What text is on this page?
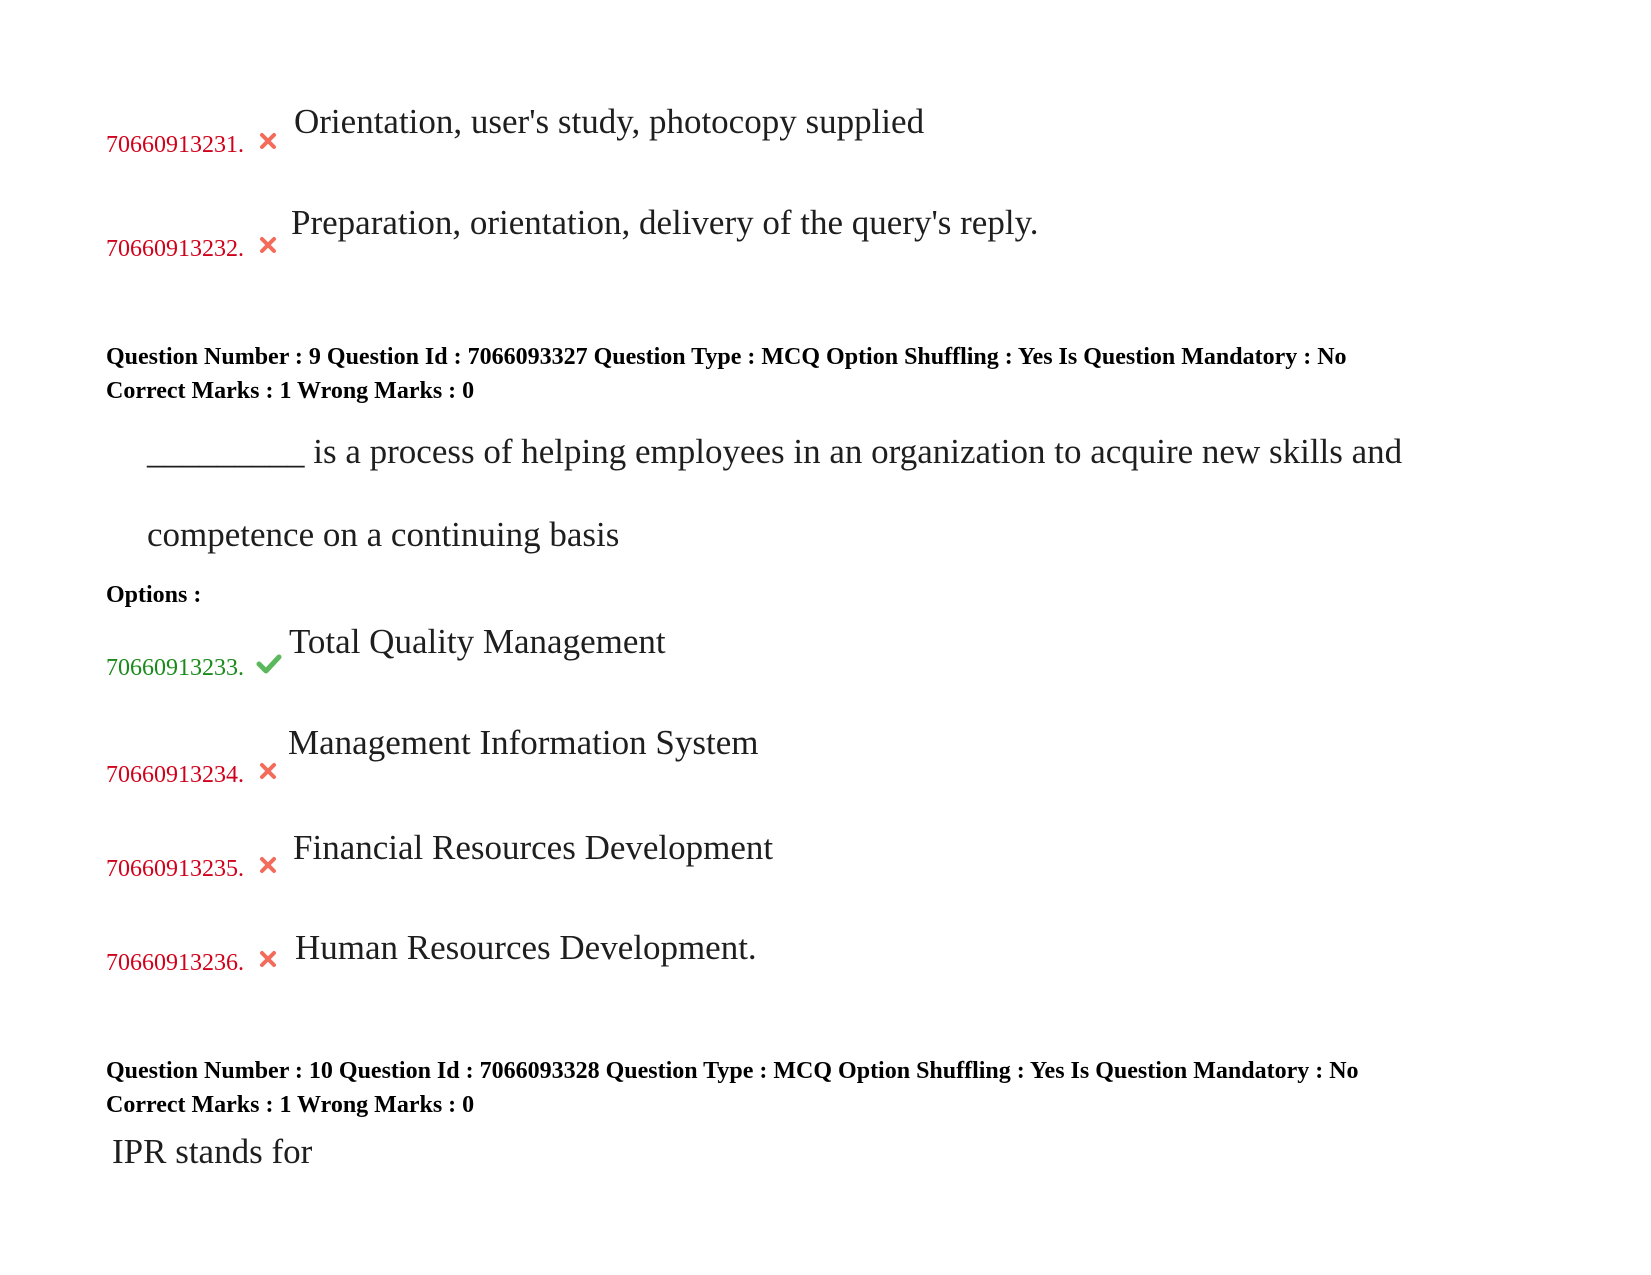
70660913231.
Orientation, user's study, photocopy supplied
70660913232.
Preparation, orientation, delivery of the query's reply.
Question Number : 9 Question Id : 7066093327 Question Type : MCQ Option Shuffling : Yes Is Question Mandatory : No
Correct Marks : 1 Wrong Marks : 0
_________ is a process of helping employees in an organization to acquire new skills and
competence on a continuing basis
Options :
70660913233.
Total Quality Management
70660913234.
Management Information System
70660913235.
Financial Resources Development
70660913236. Human Resources Development.
Question Number : 10 Question Id : 7066093328 Question Type : MCQ Option Shuffling : Yes Is Question Mandatory : No
Correct Marks : 1 Wrong Marks : 0
IPR stands for
